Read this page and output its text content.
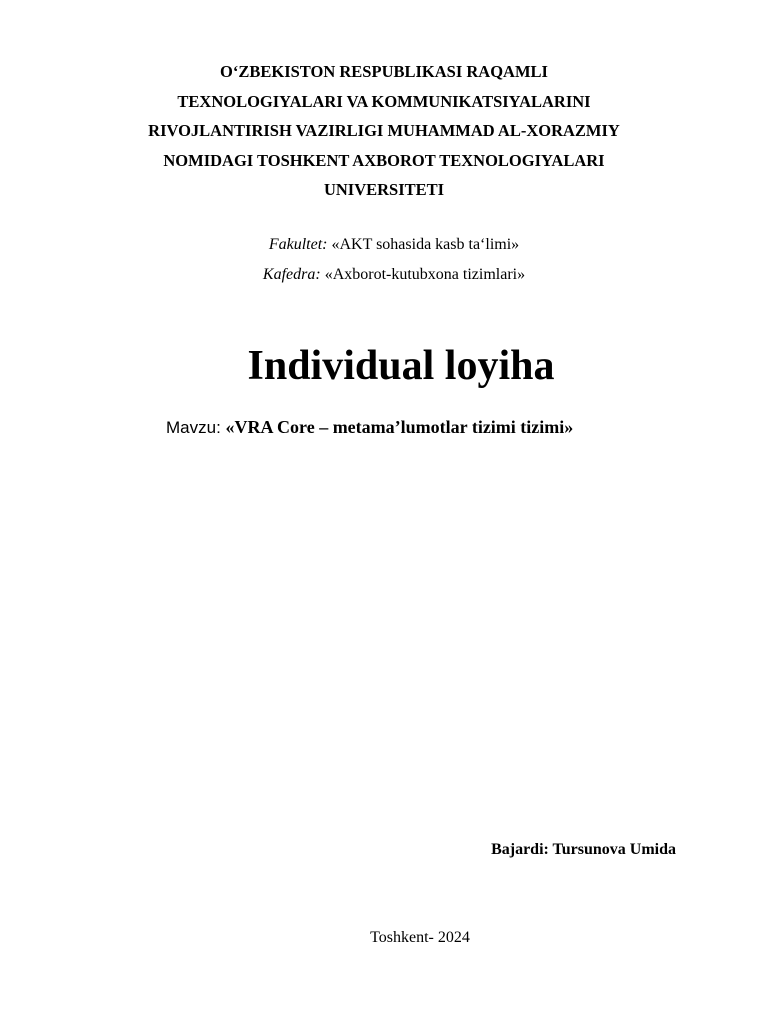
O‘ZBEKISTON RESPUBLIKASI RAQAMLI
TEXNOLOGIYALARI VA KOMMUNIKATSIYALARINI
RIVOJLANTIRISH VAZIRLIGI MUHAMMAD AL-XORAZMIY
NOMIDAGI TOSHKENT AXBOROT TEXNOLOGIYALARI
UNIVERSITETI
Fakultet: «AKT sohasida kasb ta‘limi»
Kafedra: «Axborot-kutubxona tizimlari»
Individual loyiha
Mavzu: «VRA Core – metama’lumotlar tizimi tizimi»
Bajardi: Tursunova Umida
Toshkent- 2024
